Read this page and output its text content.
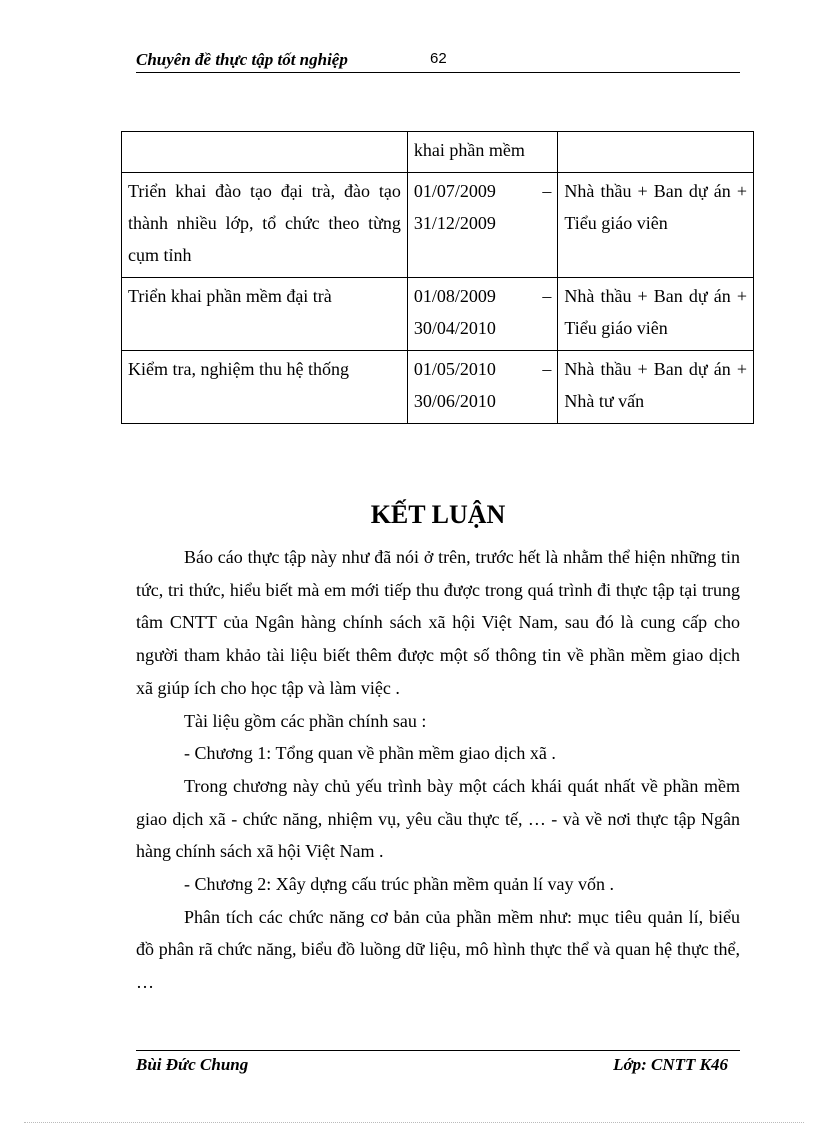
Chuyên đề thực tập tốt nghiệp	62
	khai phần mềm	
Triển khai đào tạo đại trà, đào tạo thành nhiều lớp, tổ chức theo từng cụm tỉnh	01/07/2009 – 31/12/2009	Nhà thầu + Ban dự án + Tiểu giáo viên
Triển khai phần mềm đại trà	01/08/2009 – 30/04/2010	Nhà thầu + Ban dự án + Tiểu giáo viên
Kiểm tra, nghiệm thu hệ thống	01/05/2010 – 30/06/2010	Nhà thầu + Ban dự án + Nhà tư vấn
KẾT LUẬN

Báo cáo thực tập này như đã nói ở trên, trước hết là nhằm thể hiện những tin tức, tri thức, hiểu biết mà em mới tiếp thu được trong quá trình đi thực tập tại trung tâm CNTT của Ngân hàng chính sách xã hội Việt Nam, sau đó là cung cấp cho người tham khảo tài liệu biết thêm được một số thông tin về phần mềm giao dịch xã giúp ích cho học tập và làm việc .

Tài liệu gồm các phần chính sau :

- Chương 1: Tổng quan về phần mềm giao dịch xã .

Trong chương này chủ yếu trình bày một cách khái quát nhất về phần mềm giao dịch xã - chức năng, nhiệm vụ, yêu cầu thực tế, … - và về nơi thực tập Ngân hàng chính sách xã hội Việt Nam .

- Chương 2: Xây dựng cấu trúc phần mềm quản lí vay vốn .

Phân tích các chức năng cơ bản của phần mềm như: mục tiêu quản lí, biểu đồ phân rã chức năng, biểu đồ luồng dữ liệu, mô hình thực thể và quan hệ thực thể, …

Bùi Đức Chung	Lớp: CNTT K46
